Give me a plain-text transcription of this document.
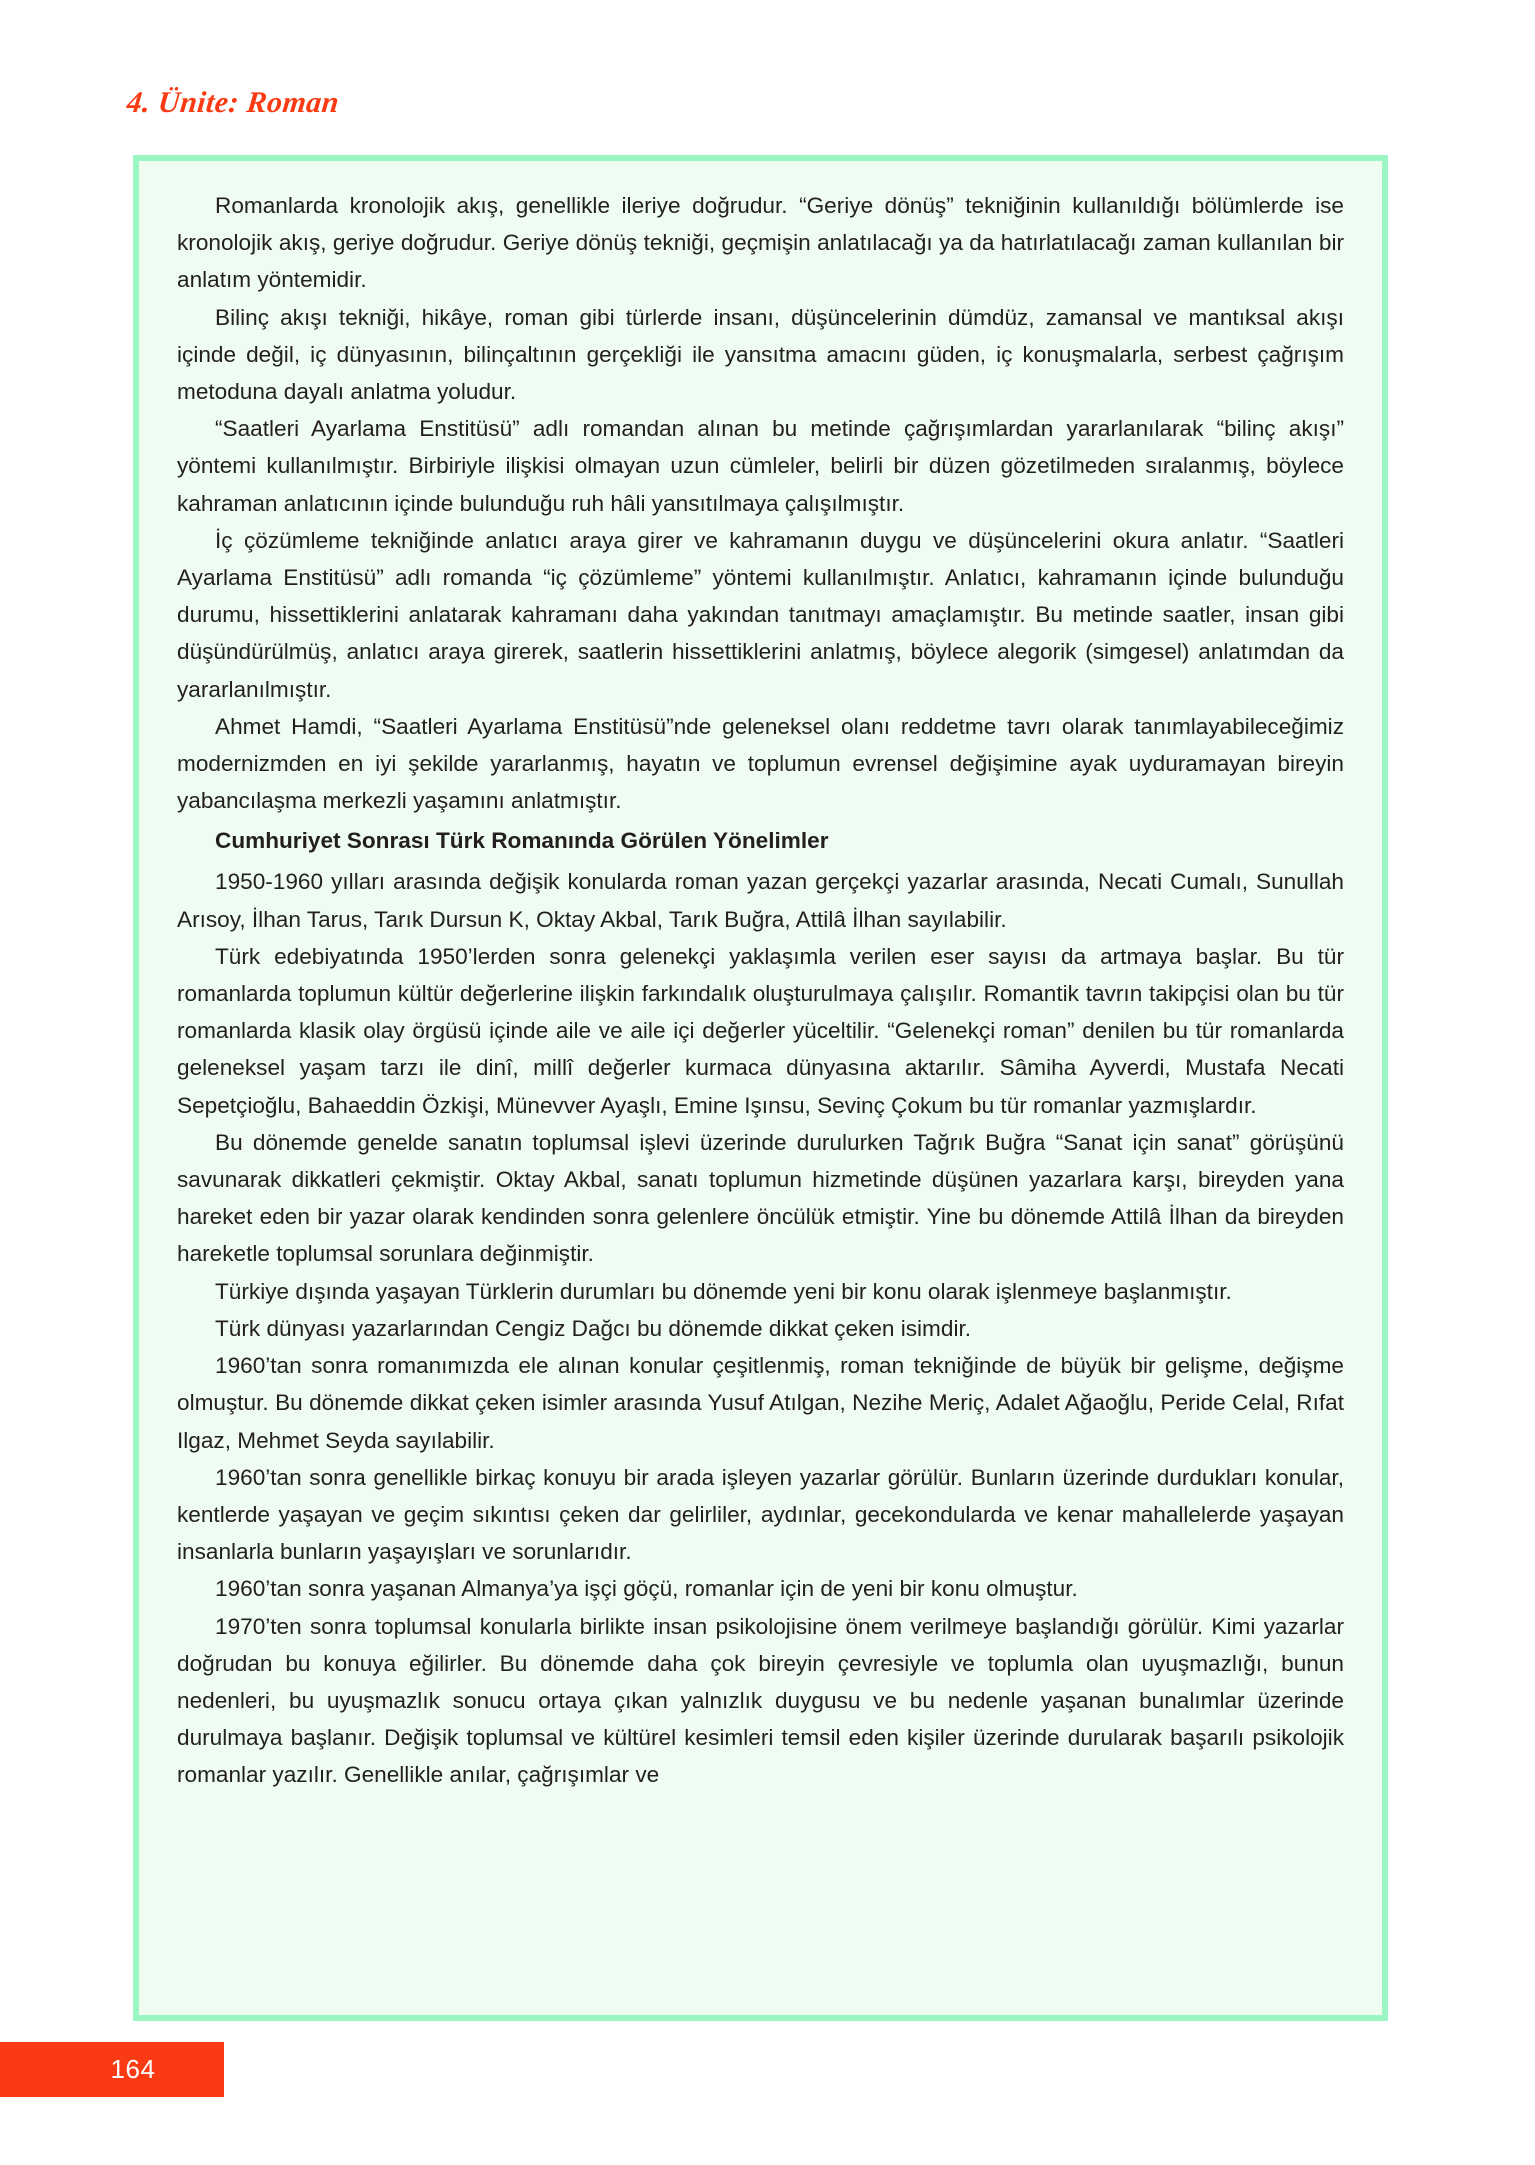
4. Ünite: Roman

Romanlarda kronolojik akış, genellikle ileriye doğrudur. “Geriye dönüş” tekniğinin kullanıldığı bölümlerde ise kronolojik akış, geriye doğrudur. Geriye dönüş tekniği, geçmişin anlatılacağı ya da hatırlatılacağı zaman kullanılan bir anlatım yöntemidir.

Bilinç akışı tekniği, hikâye, roman gibi türlerde insanı, düşüncelerinin dümdüz, zamansal ve mantıksal akışı içinde değil, iç dünyasının, bilinçaltının gerçekliği ile yansıtma amacını güden, iç konuşmalarla, serbest çağrışım metoduna dayalı anlatma yoludur.

“Saatleri Ayarlama Enstitüsü” adlı romandan alınan bu metinde çağrışımlardan yararlanılarak “bilinç akışı” yöntemi kullanılmıştır. Birbiriyle ilişkisi olmayan uzun cümleler, belirli bir düzen gözetilmeden sıralanmış, böylece kahraman anlatıcının içinde bulunduğu ruh hâli yansıtılmaya çalışılmıştır.

İç çözümleme tekniğinde anlatıcı araya girer ve kahramanın duygu ve düşüncelerini okura anlatır. “Saatleri Ayarlama Enstitüsü” adlı romanda “iç çözümleme” yöntemi kullanılmıştır. Anlatıcı, kahramanın içinde bulunduğu durumu, hissettiklerini anlatarak kahramanı daha yakından tanıtmayı amaçlamıştır. Bu metinde saatler, insan gibi düşündürülmüş, anlatıcı araya girerek, saatlerin hissettiklerini anlatmış, böylece alegorik (simgesel) anlatımdan da yararlanılmıştır.

Ahmet Hamdi, “Saatleri Ayarlama Enstitüsü”nde geleneksel olanı reddetme tavrı olarak tanımlayabileceğimiz modernizmden en iyi şekilde yararlanmış, hayatın ve toplumun evrensel değişimine ayak uyduramayan bireyin yabancılaşma merkezli yaşamını anlatmıştır.

Cumhuriyet Sonrası Türk Romanında Görülen Yönelimler

1950-1960 yılları arasında değişik konularda roman yazan gerçekçi yazarlar arasında, Necati Cumalı, Sunullah Arısoy, İlhan Tarus, Tarık Dursun K, Oktay Akbal, Tarık Buğra, Attilâ İlhan sayılabilir.

Türk edebiyatında 1950’lerden sonra gelenekçi yaklaşımla verilen eser sayısı da artmaya başlar. Bu tür romanlarda toplumun kültür değerlerine ilişkin farkındalık oluşturulmaya çalışılır. Romantik tavrın takipçisi olan bu tür romanlarda klasik olay örgüsü içinde aile ve aile içi değerler yüceltilir. “Gelenekçi roman” denilen bu tür romanlarda geleneksel yaşam tarzı ile dinî, millî değerler kurmaca dünyasına aktarılır. Sâmiha Ayverdi, Mustafa Necati Sepetçioğlu, Bahaeddin Özkişi, Münevver Ayaşlı, Emine Işınsu, Sevinç Çokum bu tür romanlar yazmışlardır.

Bu dönemde genelde sanatın toplumsal işlevi üzerinde durulurken Tağrık Buğra “Sanat için sanat” görüşünü savunarak dikkatleri çekmiştir. Oktay Akbal, sanatı toplumun hizmetinde düşünen yazarlara karşı, bireyden yana hareket eden bir yazar olarak kendinden sonra gelenlere öncülük etmiştir. Yine bu dönemde Attilâ İlhan da bireyden hareketle toplumsal sorunlara değinmiştir.

Türkiye dışında yaşayan Türklerin durumları bu dönemde yeni bir konu olarak işlenmeye başlanmıştır.

Türk dünyası yazarlarından Cengiz Dağcı bu dönemde dikkat çeken isimdir.

1960’tan sonra romanımızda ele alınan konular çeşitlenmiş, roman tekniğinde de büyük bir gelişme, değişme olmuştur. Bu dönemde dikkat çeken isimler arasında Yusuf Atılgan, Nezihe Meriç, Adalet Ağaoğlu, Peride Celal, Rıfat Ilgaz, Mehmet Seyda sayılabilir.

1960’tan sonra genellikle birkaç konuyu bir arada işleyen yazarlar görülür. Bunların üzerinde durdukları konular, kentlerde yaşayan ve geçim sıkıntısı çeken dar gelirliler, aydınlar, gecekondularda ve kenar mahallelerde yaşayan insanlarla bunların yaşayışları ve sorunlarıdır.

1960’tan sonra yaşanan Almanya’ya işçi göçü, romanlar için de yeni bir konu olmuştur.

1970’ten sonra toplumsal konularla birlikte insan psikolojisine önem verilmeye başlandığı görülür. Kimi yazarlar doğrudan bu konuya eğilirler. Bu dönemde daha çok bireyin çevresiyle ve toplumla olan uyuşmazlığı, bunun nedenleri, bu uyuşmazlık sonucu ortaya çıkan yalnızlık duygusu ve bu nedenle yaşanan bunalımlar üzerinde durulmaya başlanır. Değişik toplumsal ve kültürel kesimleri temsil eden kişiler üzerinde durularak başarılı psikolojik romanlar yazılır. Genellikle anılar, çağrışımlar ve

164
